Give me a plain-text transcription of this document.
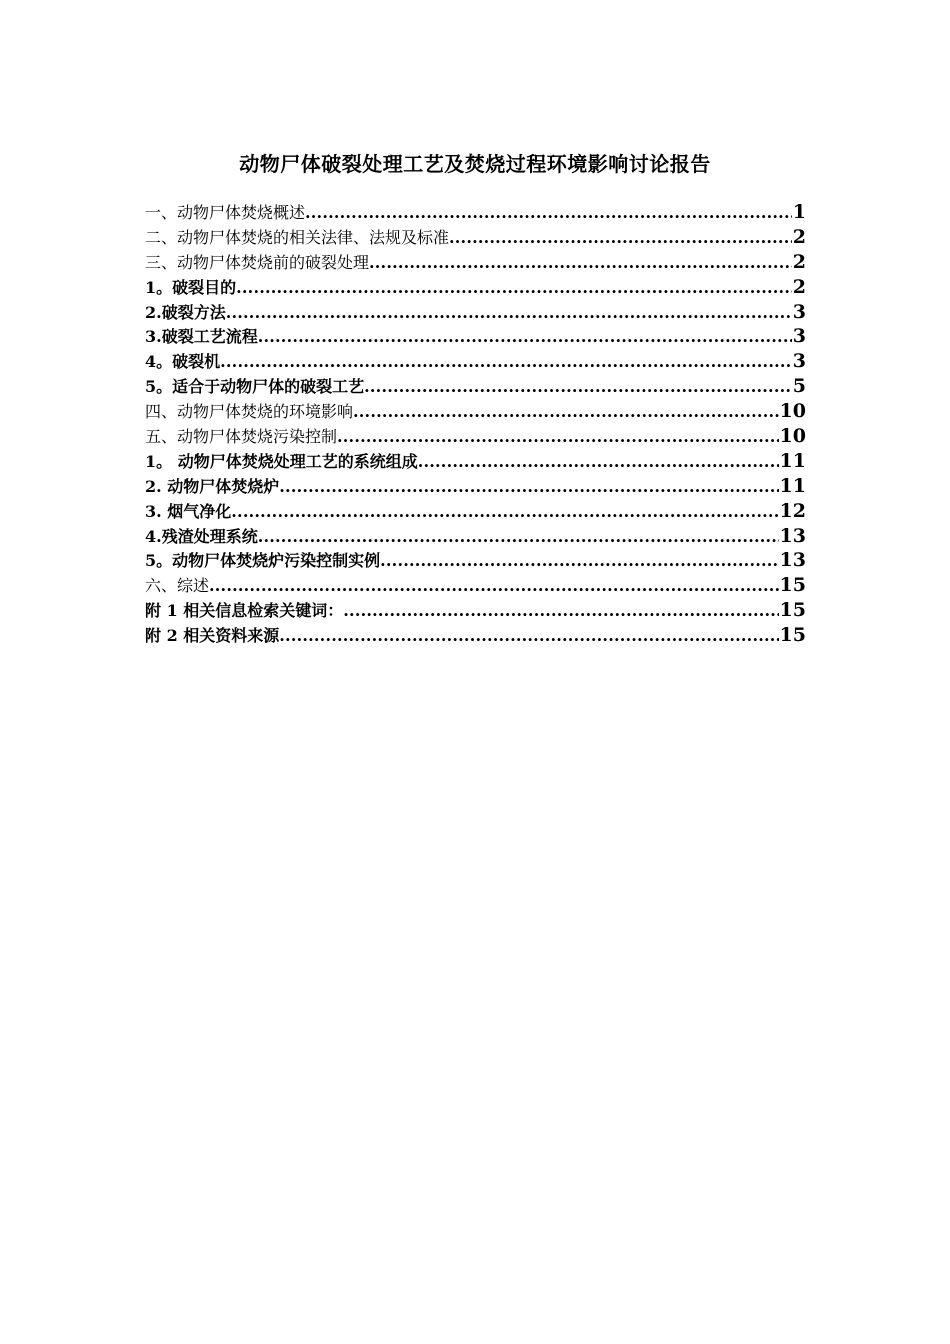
动物尸体破裂处理工艺及焚烧过程环境影响讨论报告
一、动物尸体焚烧概述 .....	1
二、动物尸体焚烧的相关法律、法规及标准 .....	2
三、动物尸体焚烧前的破裂处理 .....	2
1。破裂目的 .....	2
2.破裂方法 .....	3
3.破裂工艺流程 .....	3
4。破裂机 .....	3
5。适合于动物尸体的破裂工艺 .....	5
四、动物尸体焚烧的环境影响 .....	10
五、动物尸体焚烧污染控制 .....	10
1。 动物尸体焚烧处理工艺的系统组成 .....	11
2. 动物尸体焚烧炉 .....	11
3. 烟气净化 .....	12
4.残渣处理系统 .....	13
5。动物尸体焚烧炉污染控制实例 .....	13
六、综述 .....	15
附 1 相关信息检索关键词： .....	15
附 2 相关资料来源 .....	15
